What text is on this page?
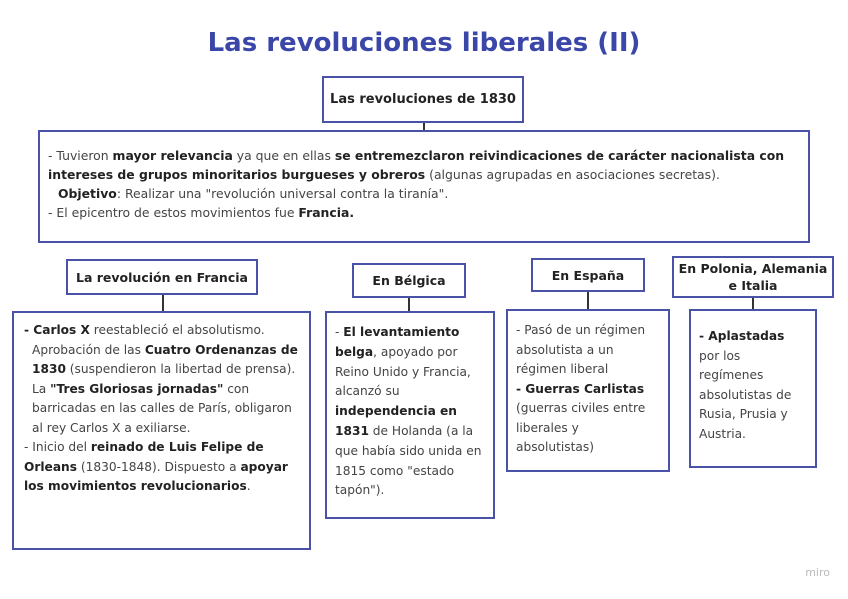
Las revoluciones liberales (II)
Las revoluciones de 1830
- Tuvieron mayor relevancia ya que en ellas se entremezclaron reivindicaciones de carácter nacionalista con intereses de grupos minoritarios burgueses y obreros (algunas agrupadas en asociaciones secretas).
Objetivo: Realizar una "revolución universal contra la tiranía".
- El epicentro de estos movimientos fue Francia.
La revolución en Francia	En Bélgica	En España	En Polonia, Alemania e Italia
- Carlos X reestableció el absolutismo.
Aprobación de las Cuatro Ordenanzas de 1830 (suspendieron la libertad de prensa).
La "Tres Gloriosas jornadas" con barricadas en las calles de París, obligaron al rey Carlos X a exiliarse.
- Inicio del reinado de Luis Felipe de Orleans (1830-1848). Dispuesto a apoyar los movimientos revolucionarios.
- El levantamiento belga, apoyado por Reino Unido y Francia, alcanzó su independencia en 1831 de Holanda (a la que había sido unida en 1815 como "estado tapón").
- Pasó de un régimen absolutista a un régimen liberal
- Guerras Carlistas (guerras civiles entre liberales y absolutistas)
- Aplastadas por los regímenes absolutistas de Rusia, Prusia y Austria.
miro
